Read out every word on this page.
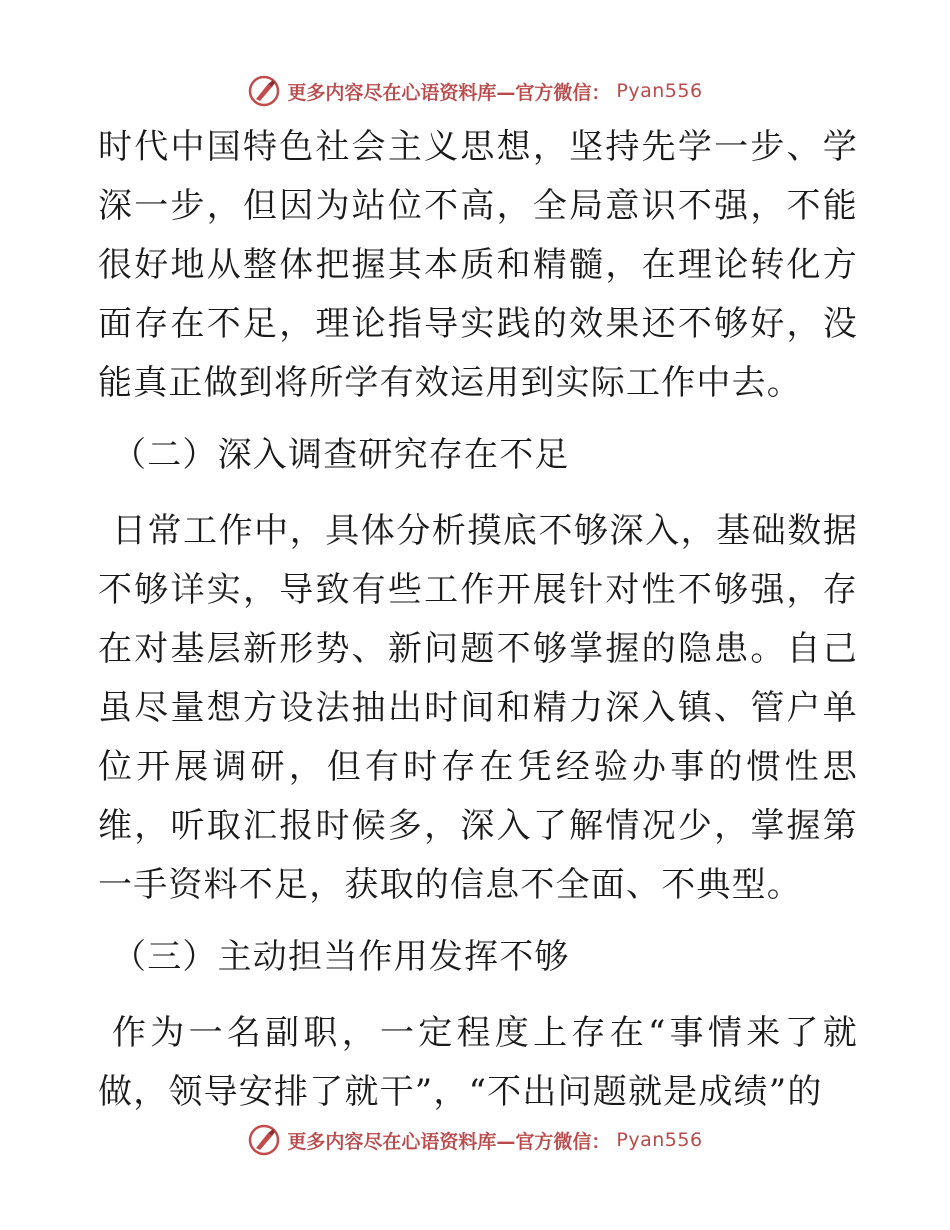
更多内容尽在心语资料库—官方微信： Pyan556

时代中国特色社会主义思想，坚持先学一步、学深一步，但因为站位不高，全局意识不强，不能很好地从整体把握其本质和精髓，在理论转化方面存在不足，理论指导实践的效果还不够好，没能真正做到将所学有效运用到实际工作中去。

（二）深入调查研究存在不足

日常工作中，具体分析摸底不够深入，基础数据不够详实，导致有些工作开展针对性不够强，存在对基层新形势、新问题不够掌握的隐患。自己虽尽量想方设法抽出时间和精力深入镇、管户单位开展调研，但有时存在凭经验办事的惯性思维，听取汇报时候多，深入了解情况少，掌握第一手资料不足，获取的信息不全面、不典型。

（三）主动担当作用发挥不够

作为一名副职，一定程度上存在“事情来了就做，领导安排了就干”，“不出问题就是成绩”的

更多内容尽在心语资料库—官方微信： Pyan556
